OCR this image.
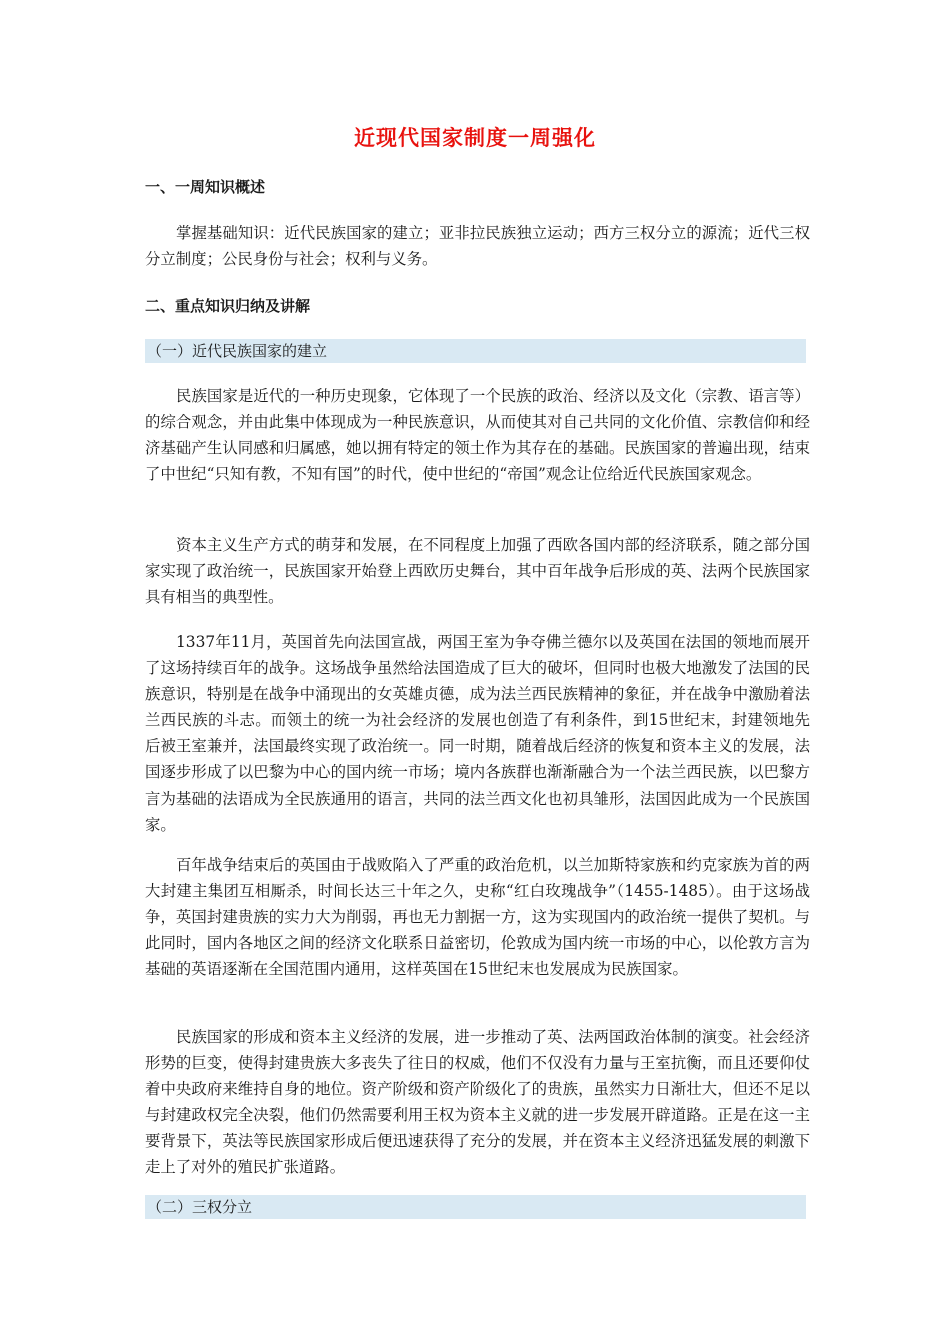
近现代国家制度一周强化
一、一周知识概述
掌握基础知识：近代民族国家的建立；亚非拉民族独立运动；西方三权分立的源流；近代三权分立制度；公民身份与社会；权利与义务。
二、重点知识归纳及讲解
（一）近代民族国家的建立
民族国家是近代的一种历史现象，它体现了一个民族的政治、经济以及文化（宗教、语言等）的综合观念，并由此集中体现成为一种民族意识，从而使其对自己共同的文化价值、宗教信仰和经济基础产生认同感和归属感，她以拥有特定的领土作为其存在的基础。民族国家的普遍出现，结束了中世纪“只知有教，不知有国”的时代，使中世纪的“帝国”观念让位给近代民族国家观念。
资本主义生产方式的萌芽和发展，在不同程度上加强了西欧各国内部的经济联系，随之部分国家实现了政治统一，民族国家开始登上西欧历史舞台，其中百年战争后形成的英、法两个民族国家具有相当的典型性。
1337年11月，英国首先向法国宣战，两国王室为争夺佛兰德尔以及英国在法国的领地而展开了这场持续百年的战争。这场战争虽然给法国造成了巨大的破坏，但同时也极大地激发了法国的民族意识，特别是在战争中涌现出的女英雄贞德，成为法兰西民族精神的象征，并在战争中激励着法兰西民族的斗志。而领土的统一为社会经济的发展也创造了有利条件，到15世纪末，封建领地先后被王室兼并，法国最终实现了政治统一。同一时期，随着战后经济的恢复和资本主义的发展，法国逐步形成了以巴黎为中心的国内统一市场；境内各族群也渐渐融合为一个法兰西民族，以巴黎方言为基础的法语成为全民族通用的语言，共同的法兰西文化也初具雏形，法国因此成为一个民族国家。
百年战争结束后的英国由于战败陷入了严重的政治危机，以兰加斯特家族和约克家族为首的两大封建主集团互相厮杀，时间长达三十年之久，史称“红白玫瑰战争”（1455-1485）。由于这场战争，英国封建贵族的实力大为削弱，再也无力割据一方，这为实现国内的政治统一提供了契机。与此同时，国内各地区之间的经济文化联系日益密切，伦敦成为国内统一市场的中心，以伦敦方言为基础的英语逐渐在全国范围内通用，这样英国在15世纪末也发展成为民族国家。
民族国家的形成和资本主义经济的发展，进一步推动了英、法两国政治体制的演变。社会经济形势的巨变，使得封建贵族大多丧失了往日的权威，他们不仅没有力量与王室抗衡，而且还要仰仗着中央政府来维持自身的地位。资产阶级和资产阶级化了的贵族，虽然实力日渐壮大，但还不足以与封建政权完全决裂，他们仍然需要利用王权为资本主义就的进一步发展开辟道路。正是在这一主要背景下，英法等民族国家形成后便迅速获得了充分的发展，并在资本主义经济迅猛发展的刺激下走上了对外的殖民扩张道路。
（二）三权分立
